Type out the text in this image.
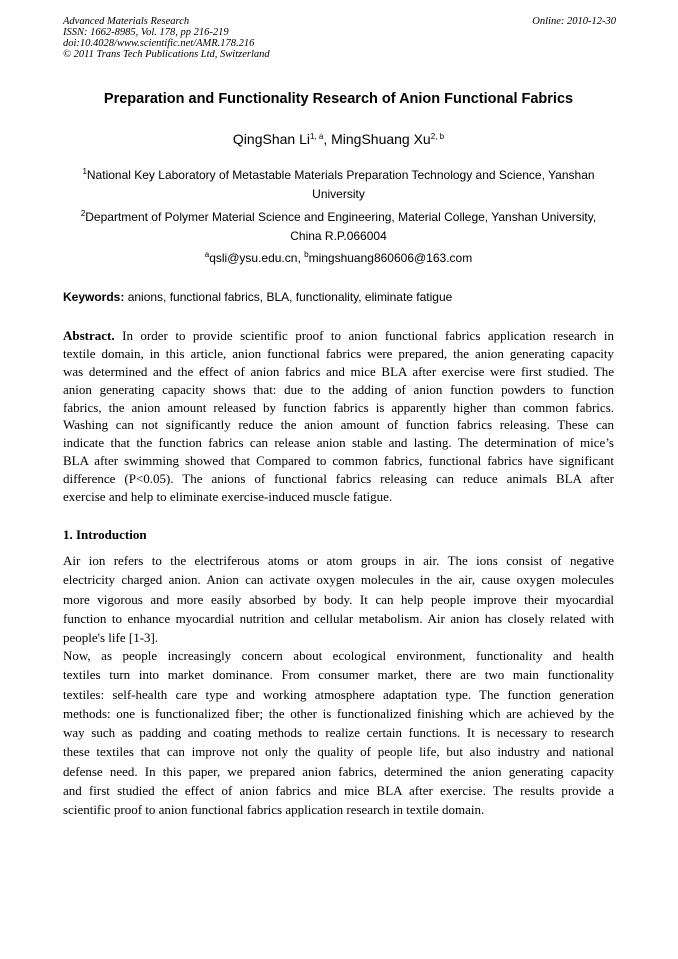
Advanced Materials Research
ISSN: 1662-8985, Vol. 178, pp 216-219
doi:10.4028/www.scientific.net/AMR.178.216
© 2011 Trans Tech Publications Ltd, Switzerland
Online: 2010-12-30
Preparation and Functionality Research of Anion Functional Fabrics
QingShan Li$^{1, a}$, MingShuang Xu$^{2, b}$
$^1$National Key Laboratory of Metastable Materials Preparation Technology and Science, Yanshan
University
$^2$Department of Polymer Material Science and Engineering, Material College, Yanshan University,
China R.P.066004
$^a$qsli@ysu.edu.cn, $^b$mingshuang860606@163.com
Keywords: anions, functional fabrics, BLA, functionality, eliminate fatigue
Abstract. In order to provide scientific proof to anion functional fabrics application research in
textile domain, in this article, anion functional fabrics were prepared, the anion generating capacity
was determined and the effect of anion fabrics and mice BLA after exercise were first studied. The
anion generating capacity shows that: due to the adding of anion function powders to function
fabrics, the anion amount released by function fabrics is apparently higher than common fabrics.
Washing can not significantly reduce the anion amount of function fabrics releasing. These can
indicate that the function fabrics can release anion stable and lasting. The determination of mice’s
BLA after swimming showed that Compared to common fabrics, functional fabrics have significant
difference (P<0.05). The anions of functional fabrics releasing can reduce animals BLA after
exercise and help to eliminate exercise-induced muscle fatigue.
1. Introduction
Air ion refers to the electriferous atoms or atom groups in air. The ions consist of negative
electricity charged anion. Anion can activate oxygen molecules in the air, cause oxygen molecules
more vigorous and more easily absorbed by body. It can help people improve their myocardial
function to enhance myocardial nutrition and cellular metabolism. Air anion has closely related with
people's life [1-3].
Now, as people increasingly concern about ecological environment, functionality and health
textiles turn into market dominance. From consumer market, there are two main functionality
textiles: self-health care type and working atmosphere adaptation type. The function generation
methods: one is functionalized fiber; the other is functionalized finishing which are achieved by the
way such as padding and coating methods to realize certain functions. It is necessary to research
these textiles that can improve not only the quality of people life, but also industry and national
defense need. In this paper, we prepared anion fabrics, determined the anion generating capacity
and first studied the effect of anion fabrics and mice BLA after exercise. The results provide a
scientific proof to anion functional fabrics application research in textile domain.
